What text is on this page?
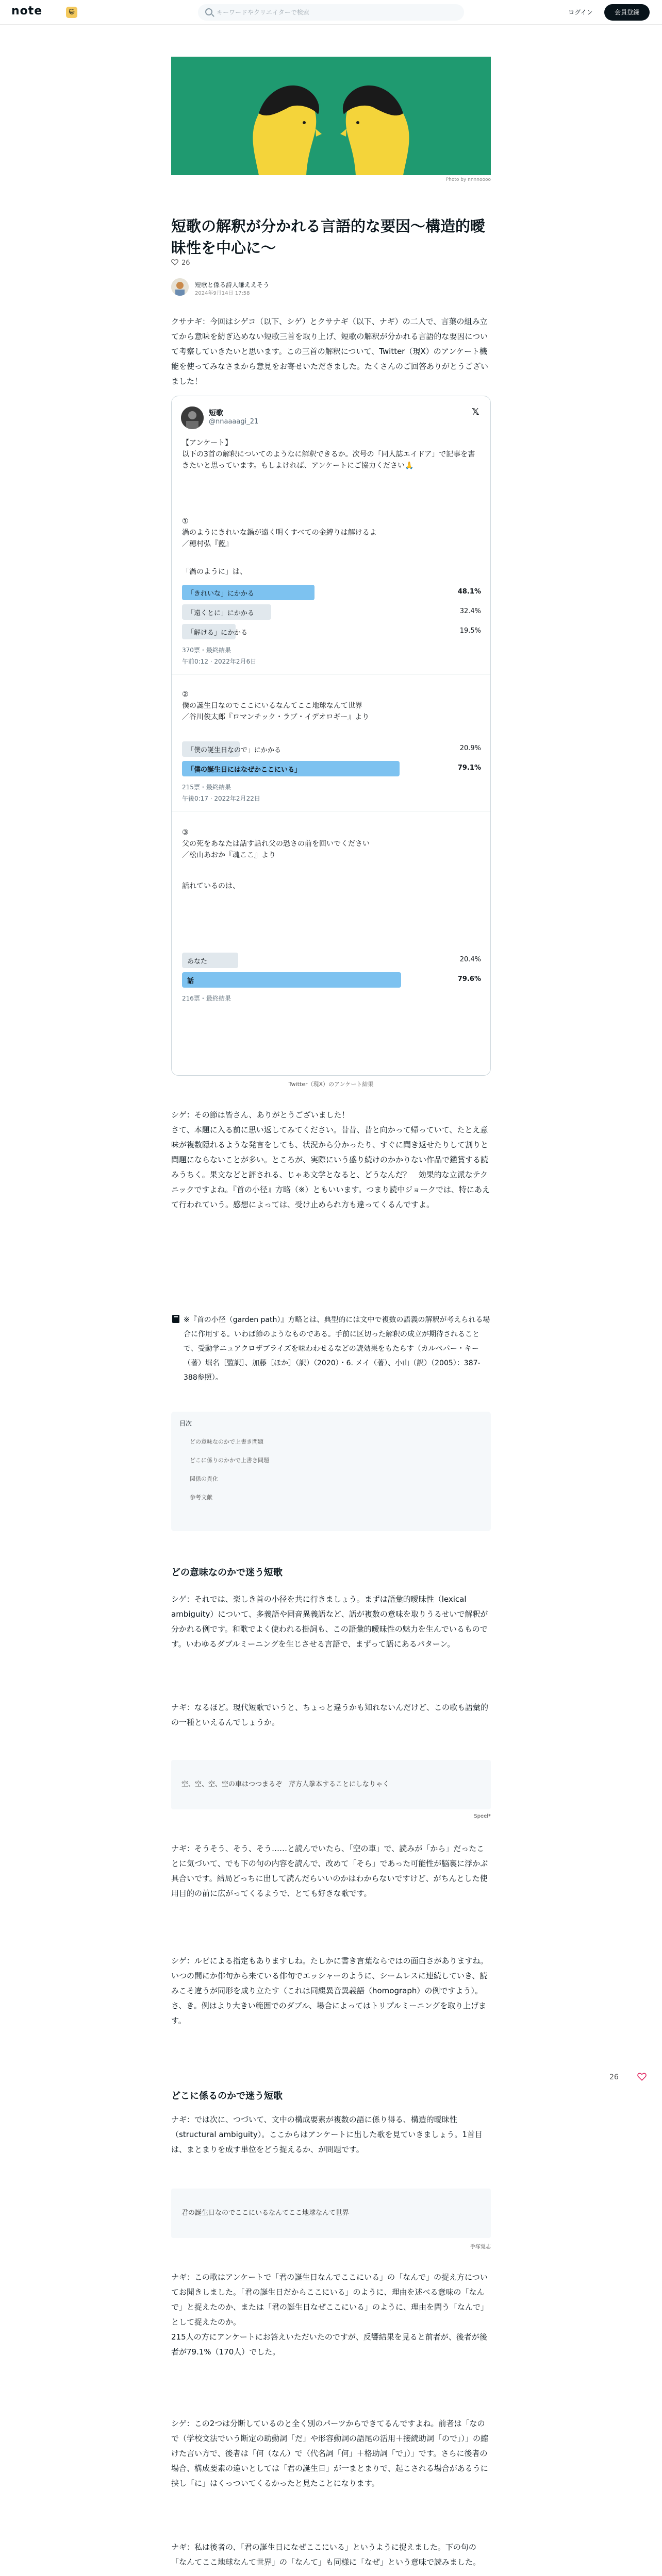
note	😺
キーワードやクリエイターで検索	ログイン	会員登録
Photo by nnnnoooo
短歌の解釈が分かれる言語的な要因〜構造的曖昧性を中心に〜
26
短歌と係る詩人謙ええそう
2024年9月14日 17:58
クサナギ：今回はシゲコ（以下、シゲ）とクサナギ（以下、ナギ）の二人で、言葉の組み立てから意味を紡ぎ込めない短歌三首を取り上げ、短歌の解釈が分かれる言語的な要因について考察していきたいと思います。この三首の解釈について、Twitter（現X）のアンケート機能を使ってみなさまから意見をお寄せいただきました。たくさんのご回答ありがとうございました！
短歌
@nnaaaagi_21
𝕏
【アンケート】
以下の3首の解釈についてのようなに解釈できるか。次号の「同人誌エイドア」で記事を書きたいと思っています。もしよければ、アンケートにご協力ください🙏
①
渦のようにきれいな鍋が遠く明くすべての金縛りは解けるよ
／穂村弘『藍』
「渦のように」は、
「きれいな」にかかる	48.1%
「遠くとに」にかかる	32.4%
「解ける」にかかる	19.5%
370票・最終結果
午前0:12 · 2022年2月6日
②
僕の誕生日なのでここにいるなんてここ地球なんて世界
／谷川俊太郎『ロマンチック・ラブ・イデオロギー』より
「僕の誕生日なので」にかかる	20.9%
「僕の誕生日にはなぜかここにいる」	79.1%
215票・最終結果
午後0:17 · 2022年2月22日
③
父の死をあなたは話す話れ父の恐さの前を回いでください
／松山あおか『魂ここ』より
話れているのは、
あなた	20.4%
話	79.6%
216票・最終結果
Twitter（現X）のアンケート結果
シゲ：その節は皆さん、ありがとうございました！
さて、本題に入る前に思い返してみてください。昔昔、昔と向かって帰っていて、たとえ意味が複数隠れるような発言をしても、状況から分かったり、すぐに聞き返せたりして割りと問題にならないことが多い。ところが、実際にいう盛り続けのかかりない作品で鑑賞する読みうちく。果文などと評される、じゃあ文学となると、どうなんだ？　効果的な立派なテクニックですよね。『首の小径』方略（※）ともいいます。つまり読中ジョークでは、特にあえて行われていう。感想によっては、受け止められ方も違ってくるんですよ。
※『首の小径（garden path）』方略とは、典型的には文中で複数の語義の解釈が考えられる場合に作用する。いわば節のようなものである。手前に区切った解釈の成立が期待されることで、受動学ニュアクロザブライズを味わわせるなどの読効果をもたらす（カルペパー・キー（著）堀名［監訳］、加藤［ほか］（訳）（2020）・6. メイ（著）、小山（訳）（2005）：387-388参照）。
目次
どの意味なのかで上書き問題
どこに係りのかかで上書き問題
関係の異化
参考文献
どの意味なのかで迷う短歌
シゲ：それでは、楽しき首の小径を共に行きましょう。まずは語彙的曖昧性（lexical ambiguity）について、多義語や同音異義語など、語が複数の意味を取りうるせいで解釈が分かれる例です。和歌でよく使われる掛詞も、この語彙的曖昧性の魅力を生んでいるものです。いわゆるダブルミーニングを生じさせる言語で、まずって語にあるパターン。
ナギ：なるほど。現代短歌でいうと、ちょっと違うかも知れないんだけど、この歌も語彙的の一種といえるんでしょうか。
空、空、空、空の車はつつまるぞ　芹方人拳本することにしなりゃく
Speel*
ナギ：そうそう、そう、そう……と読んでいたら、「空の車」で、読みが「から」だったことに気づいて、でも下の句の内容を読んで、改めて「そら」であった可能性が脳裏に浮かぶ具合いです。結局どっちに出して読んだらいいのかはわからないですけど、がちんとした使用目的の前に広がってくるようで、とても好きな歌です。
シゲ：ルビによる指定もありますしね。たしかに書き言葉ならではの面白さがありますね。いつの間にか俳句から来ている俳句でエッシャーのように、シームレスに連続していき、読みこそ違うが同形を成り立たす（これは同綴異音異義語（homograph）の例ですよう）。さ、き。例はより大きい範囲でのダブル、場合によってはトリプルミーニングを取り上げます。
どこに係るのかで迷う短歌
ナギ：では次に、つづいて、文中の構成要素が複数の語に係り得る、構造的曖昧性（structural ambiguity）。ここからはアンケートに出した歌を見ていきましょう。1首目は、まとまりを成す単位をどう捉えるか、が問題です。
君の誕生日なのでここにいるなんてここ地球なんて世界
手塚覚志
ナギ：この歌はアンケートで「君の誕生日なんでここにいる」の「なんで」の捉え方についてお聞きしました。「君の誕生日だからここにいる」のように、理由を述べる意味の「なんで」と捉えたのか、または「君の誕生日なぜここにいる」のように、理由を問う「なんで」として捉えたのか。
215人の方にアンケートにお答えいただいたのですが、反響結果を見ると前者が、後者が後者が79.1%（170人）でした。
シゲ：この2つは分断しているのと全く別のパーツからできてるんですよね。前者は「なので（学校文法でいう断定の助動詞「だ」や形容動詞の語尾の活用＋接続助詞「ので」）」の縮けた言い方で、後者は「何（なん）で（代名詞「何」＋格助詞「で」）」です。さらに後者の場合、構成要素の違いとしては「君の誕生日」が一まとまりで、起こされる場合があるうに挟し「に」はくっついてくるかったと見たことになります。
ナギ：私は後者の、「君の誕生日になぜここにいる」というように捉えました。下の句の「なんてここ地球なんて世界」の「なんて」も同様に「なぜ」という意味で読みました。
26
